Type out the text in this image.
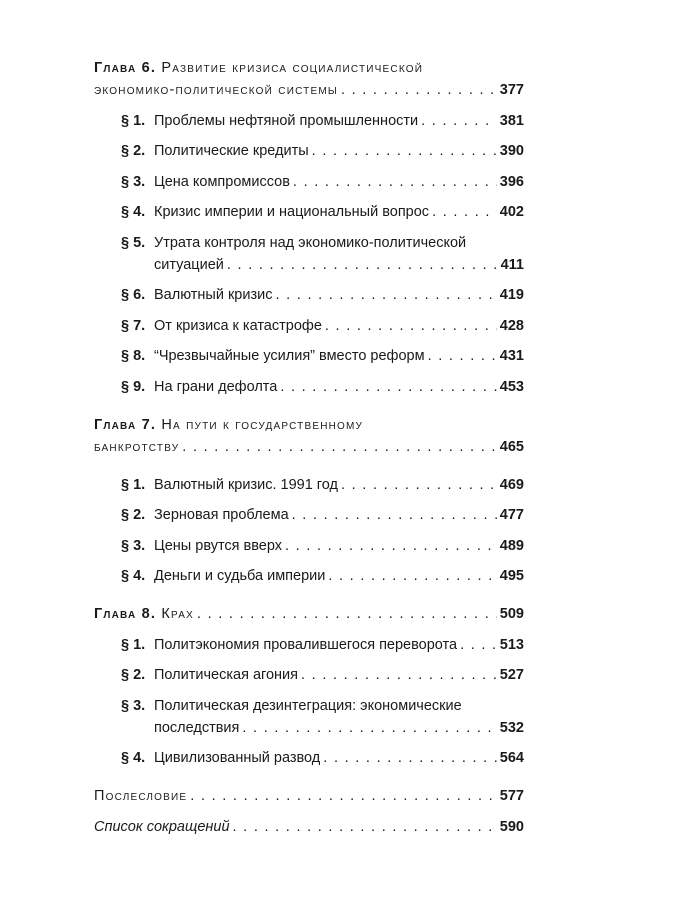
Глава 6. Развитие кризиса социалистической
экономико-политической системы . . .	377
§ 1. Проблемы нефтяной промышленности . . .	381
§ 2. Политические кредиты . . .	390
§ 3. Цена компромиссов . . .	396
§ 4. Кризис империи и национальный вопрос . . .	402
§ 5. Утрата контроля над экономико-политической
ситуацией . . .	411
§ 6. Валютный кризис . . .	419
§ 7. От кризиса к катастрофе . . .	428
§ 8. “Чрезвычайные усилия” вместо реформ . . .	431
§ 9. На грани дефолта . . .	453
Глава 7. На пути к государственному
банкротству . . .	465
§ 1. Валютный кризис. 1991 год . . .	469
§ 2. Зерновая проблема . . .	477
§ 3. Цены рвутся вверх . . .	489
§ 4. Деньги и судьба империи . . .	495
Глава 8. Крах . . .	509
§ 1. Политэкономия провалившегося переворота . . .	513
§ 2. Политическая агония . . .	527
§ 3. Политическая дезинтеграция: экономические
последствия . . .	532
§ 4. Цивилизованный развод . . .	564
Послесловие . . .	577
Список сокращений . . .	590
